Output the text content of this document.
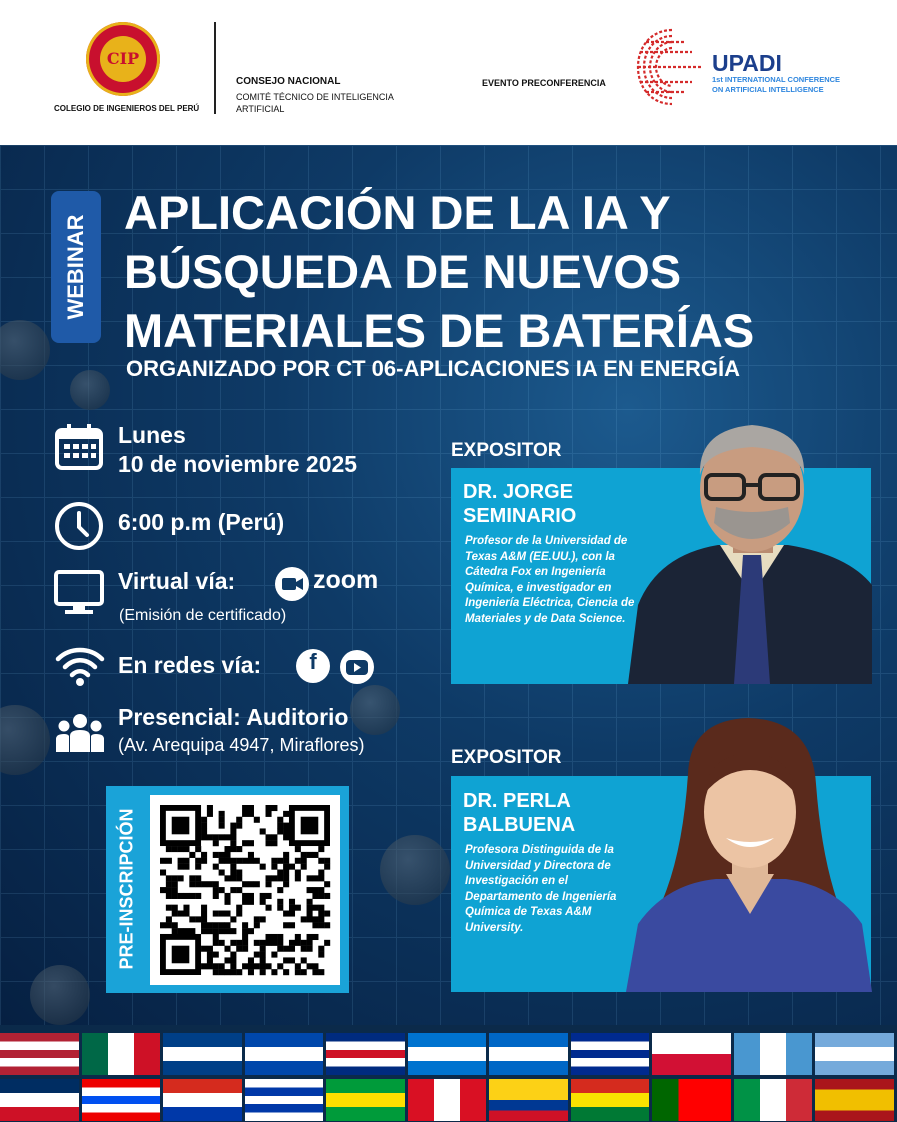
CIP
COLEGIO DE INGENIEROS DEL PERÚ
CONSEJO NACIONAL
COMITÉ TÉCNICO DE INTELIGENCIA ARTIFICIAL
EVENTO PRECONFERENCIA
UPADI
1st INTERNATIONAL CONFERENCE
ON ARTIFICIAL INTELLIGENCE
WEBINAR
APLICACIÓN DE LA IA Y
BÚSQUEDA DE NUEVOS
MATERIALES DE BATERÍAS
ORGANIZADO POR CT 06-APLICACIONES IA EN ENERGÍA
Lunes
10 de noviembre 2025
6:00 p.m (Perú)
Virtual vía:	zoom
(Emisión de certificado)
En redes vía:	f
Presencial: Auditorio
(Av. Arequipa 4947, Miraflores)
PRE-INSCRIPCIÓN
EXPOSITOR
DR. JORGE
SEMINARIO
Profesor de la Universidad de Texas A&M (EE.UU.), con la Cátedra Fox en Ingeniería Química, e investigador en Ingeniería Eléctrica, Ciencia de Materiales y de Data Science.
EXPOSITOR
DR. PERLA
BALBUENA
Profesora Distinguida de la Universidad y Directora de Investigación en el Departamento de Ingeniería Química de Texas A&M University.
